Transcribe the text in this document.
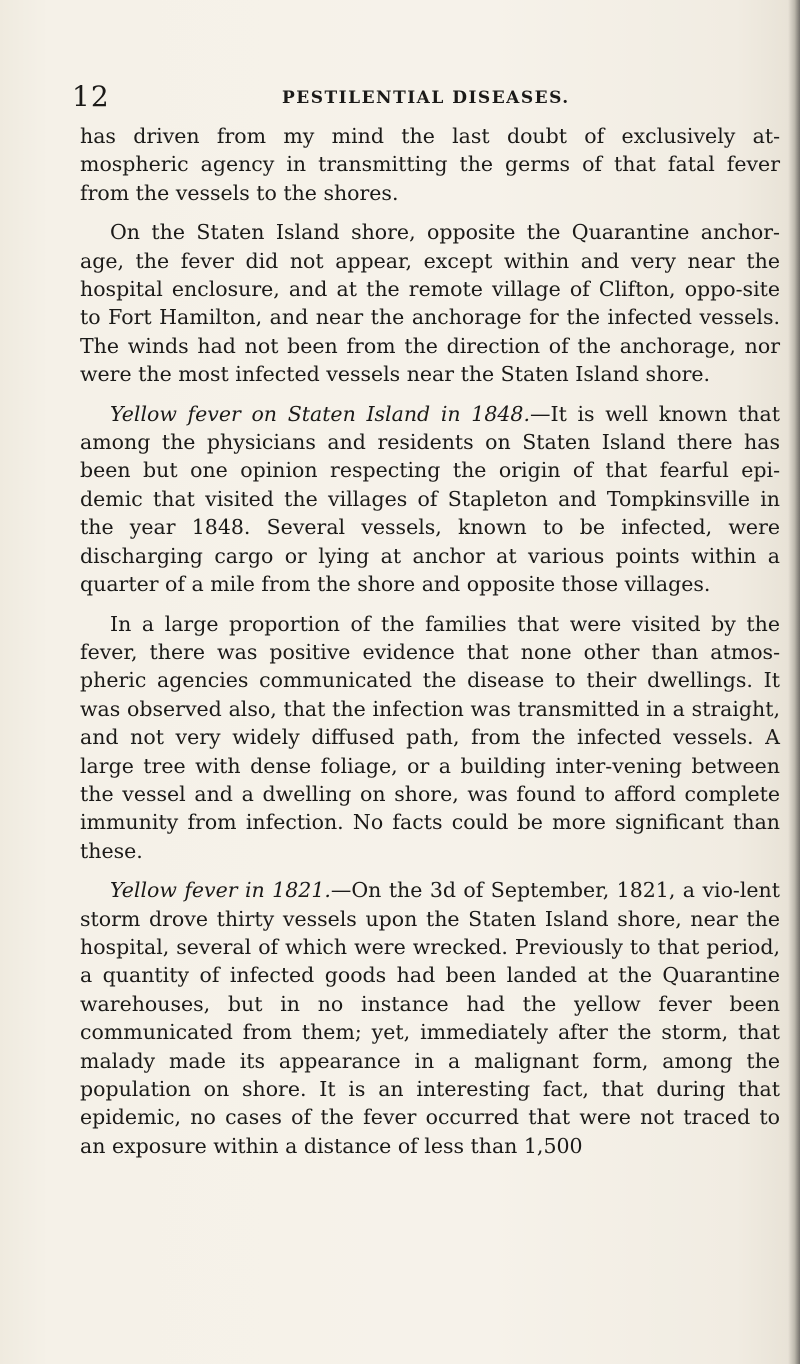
12	PESTILENTIAL DISEASES.

has driven from my mind the last doubt of exclusively at-mospheric agency in transmitting the germs of that fatal fever from the vessels to the shores.

On the Staten Island shore, opposite the Quarantine anchor-age, the fever did not appear, except within and very near the hospital enclosure, and at the remote village of Clifton, oppo-site to Fort Hamilton, and near the anchorage for the infected vessels. The winds had not been from the direction of the anchorage, nor were the most infected vessels near the Staten Island shore.

Yellow fever on Staten Island in 1848.—It is well known that among the physicians and residents on Staten Island there has been but one opinion respecting the origin of that fearful epi-demic that visited the villages of Stapleton and Tompkinsville in the year 1848. Several vessels, known to be infected, were discharging cargo or lying at anchor at various points within a quarter of a mile from the shore and opposite those villages.

In a large proportion of the families that were visited by the fever, there was positive evidence that none other than atmos-pheric agencies communicated the disease to their dwellings. It was observed also, that the infection was transmitted in a straight, and not very widely diffused path, from the infected vessels. A large tree with dense foliage, or a building inter-vening between the vessel and a dwelling on shore, was found to afford complete immunity from infection. No facts could be more significant than these.

Yellow fever in 1821.—On the 3d of September, 1821, a vio-lent storm drove thirty vessels upon the Staten Island shore, near the hospital, several of which were wrecked. Previously to that period, a quantity of infected goods had been landed at the Quarantine warehouses, but in no instance had the yellow fever been communicated from them; yet, immediately after the storm, that malady made its appearance in a malignant form, among the population on shore. It is an interesting fact, that during that epidemic, no cases of the fever occurred that were not traced to an exposure within a distance of less than 1,500
